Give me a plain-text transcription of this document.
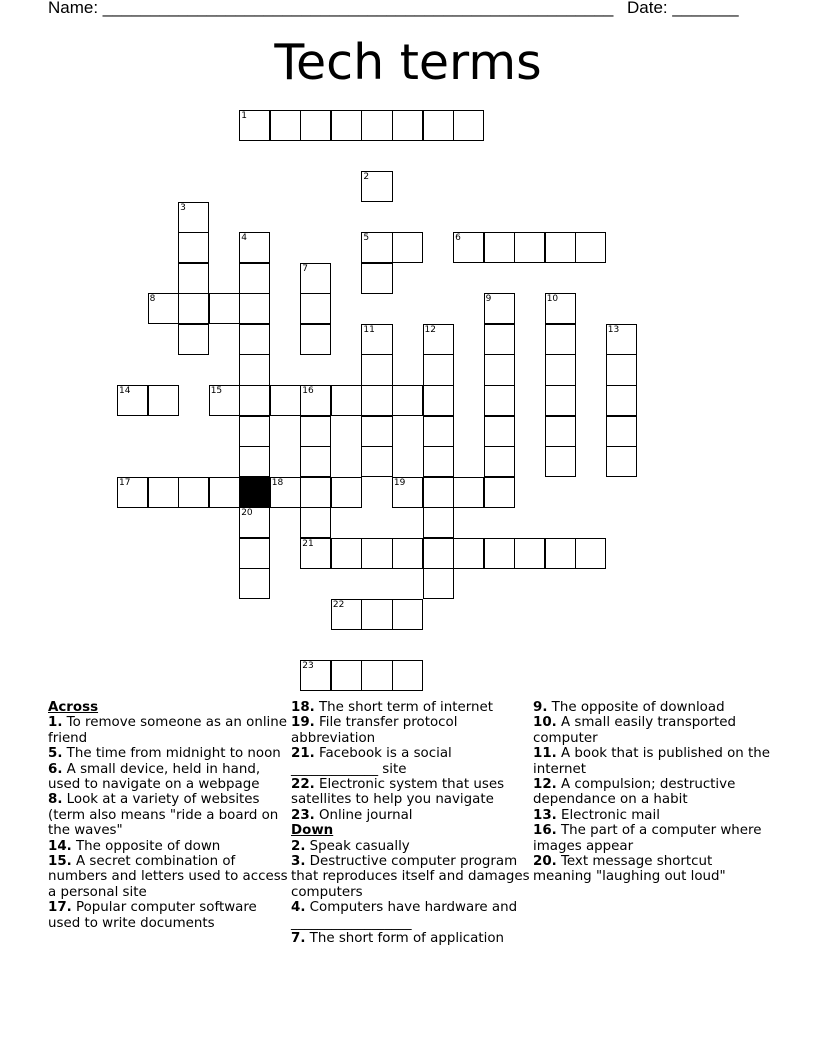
Name: ______________________________________________________ Date: _______
Tech terms
1
2
3
4	5	6
7
8	9	10
11	12	13
14	15	16
17	18	19
20
21
22
23
Across
1. To remove someone as an online friend
5. The time from midnight to noon
6. A small device, held in hand, used to navigate on a webpage
8. Look at a variety of websites (term also means "ride a board on the waves"
14. The opposite of down
15. A secret combination of numbers and letters used to access a personal site
17. Popular computer software used to write documents
18. The short term of internet
19. File transfer protocol abbreviation
21. Facebook is a social _____________ site
22. Electronic system that uses satellites to help you navigate
23. Online journal
Down
2. Speak casually
3. Destructive computer program that reproduces itself and damages computers
4. Computers have hardware and __________________
7. The short form of application
9. The opposite of download
10. A small easily transported computer
11. A book that is published on the internet
12. A compulsion; destructive dependance on a habit
13. Electronic mail
16. The part of a computer where images appear
20. Text message shortcut meaning "laughing out loud"
